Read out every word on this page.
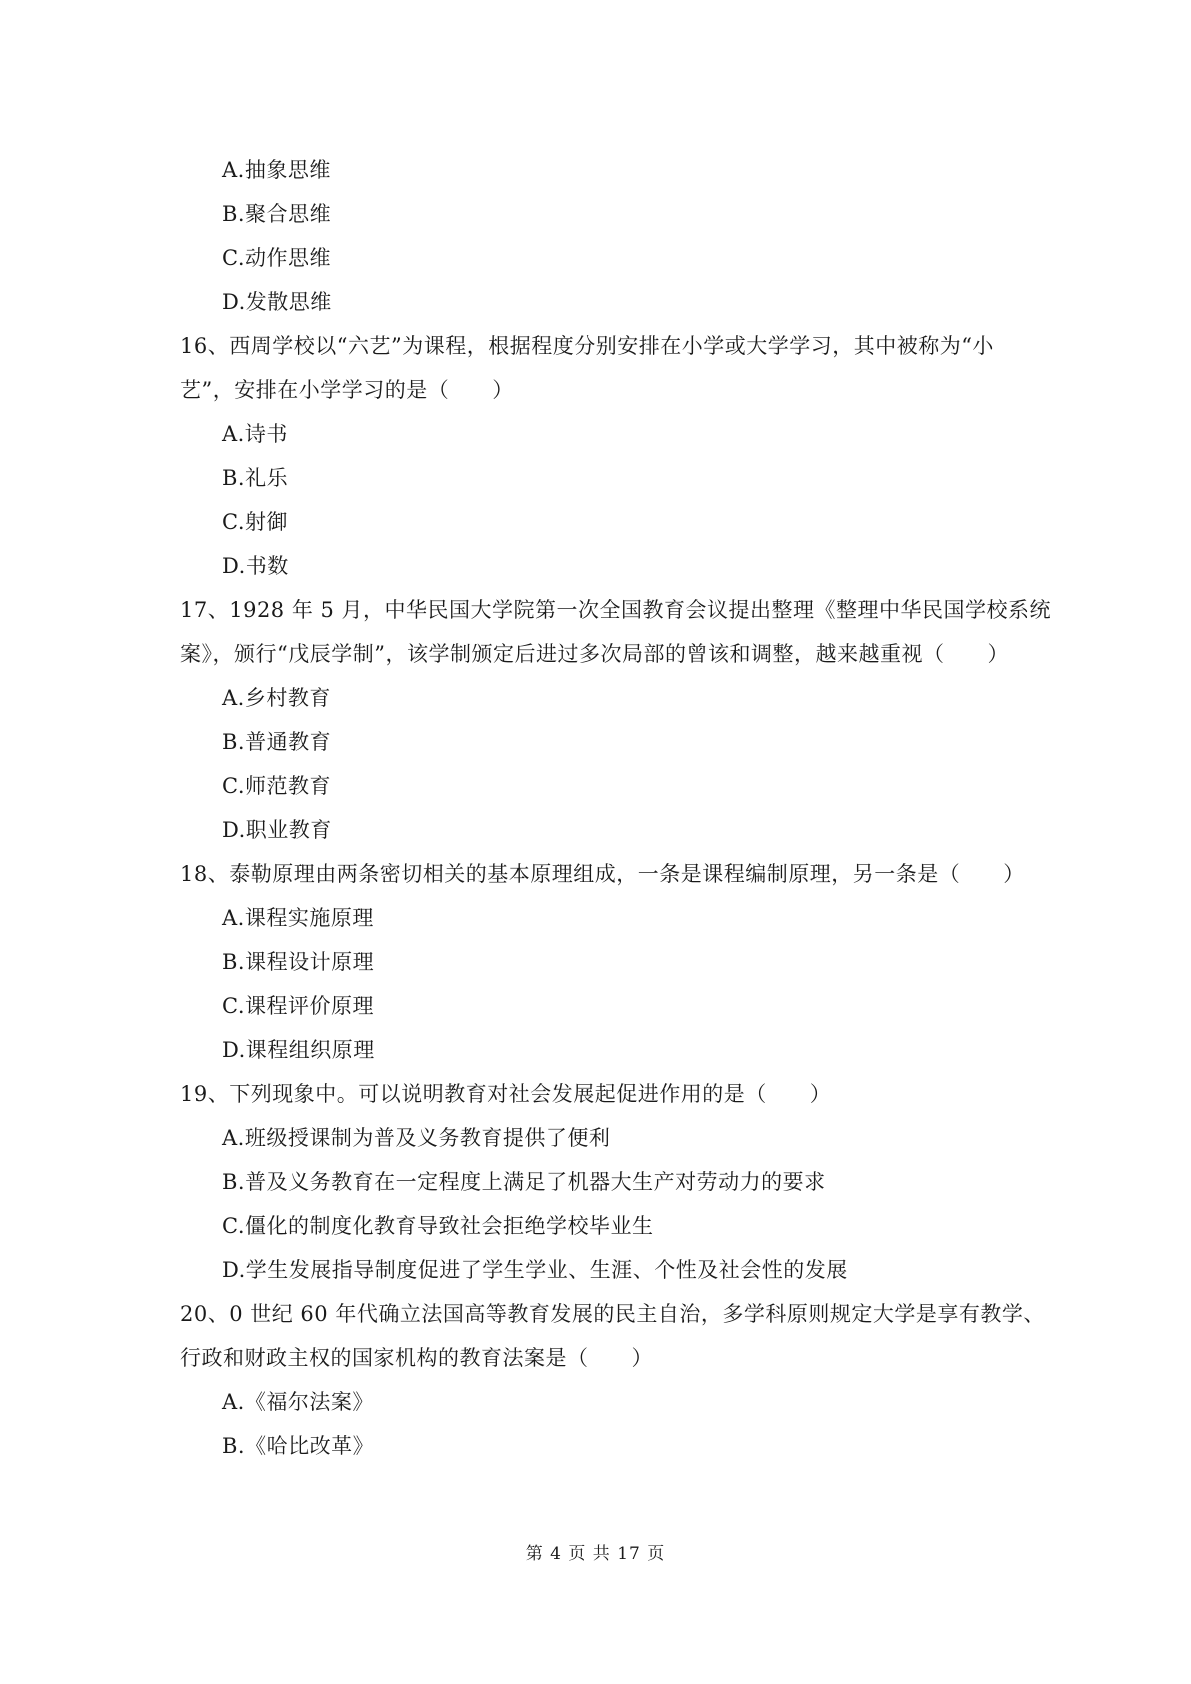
A.抽象思维
B.聚合思维
C.动作思维
D.发散思维
16、西周学校以“六艺”为课程，根据程度分别安排在小学或大学学习，其中被称为“小
艺”，安排在小学学习的是（　　）
A.诗书
B.礼乐
C.射御
D.书数
17、1928 年 5 月，中华民国大学院第一次全国教育会议提出整理《整理中华民国学校系统
案》，颁行“戊辰学制”，该学制颁定后进过多次局部的曾该和调整，越来越重视（　　）
A.乡村教育
B.普通教育
C.师范教育
D.职业教育
18、泰勒原理由两条密切相关的基本原理组成，一条是课程编制原理，另一条是（　　）
A.课程实施原理
B.课程设计原理
C.课程评价原理
D.课程组织原理
19、下列现象中。可以说明教育对社会发展起促进作用的是（　　）
A.班级授课制为普及义务教育提供了便利
B.普及义务教育在一定程度上满足了机器大生产对劳动力的要求
C.僵化的制度化教育导致社会拒绝学校毕业生
D.学生发展指导制度促进了学生学业、生涯、个性及社会性的发展
20、0 世纪 60 年代确立法国高等教育发展的民主自治，多学科原则规定大学是享有教学、
行政和财政主权的国家机构的教育法案是（　　）
A.《福尔法案》
B.《哈比改革》
第 4 页 共 17 页
